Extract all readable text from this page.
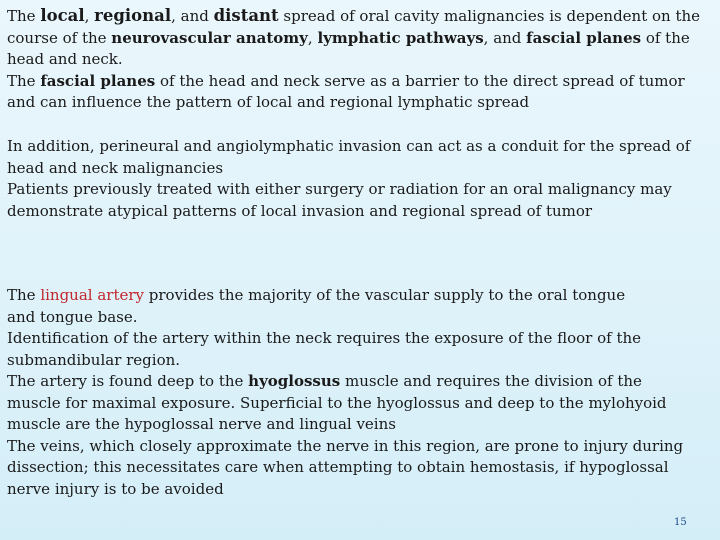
The local, regional, and distant spread of oral cavity malignancies is dependent on the
course of the neurovascular anatomy, lymphatic pathways, and fascial planes of the
head and neck.
The fascial planes of the head and neck serve as a barrier to the direct spread of tumor
and can influence the pattern of local and regional lymphatic spread
In addition, perineural and angiolymphatic invasion can act as a conduit for the spread of
head and neck malignancies
Patients previously treated with either surgery or radiation for an oral malignancy may
demonstrate atypical patterns of local invasion and regional spread of tumor
The lingual artery provides the majority of the vascular supply to the oral tongue
and tongue base.
Identification of the artery within the neck requires the exposure of the floor of the
submandibular region.
The artery is found deep to the hyoglossus muscle and requires the division of the
muscle for maximal exposure. Superficial to the hyoglossus and deep to the mylohyoid
muscle are the hypoglossal nerve and lingual veins
The veins, which closely approximate the nerve in this region, are prone to injury during
dissection; this necessitates care when attempting to obtain hemostasis, if hypoglossal
nerve injury is to be avoided
15
